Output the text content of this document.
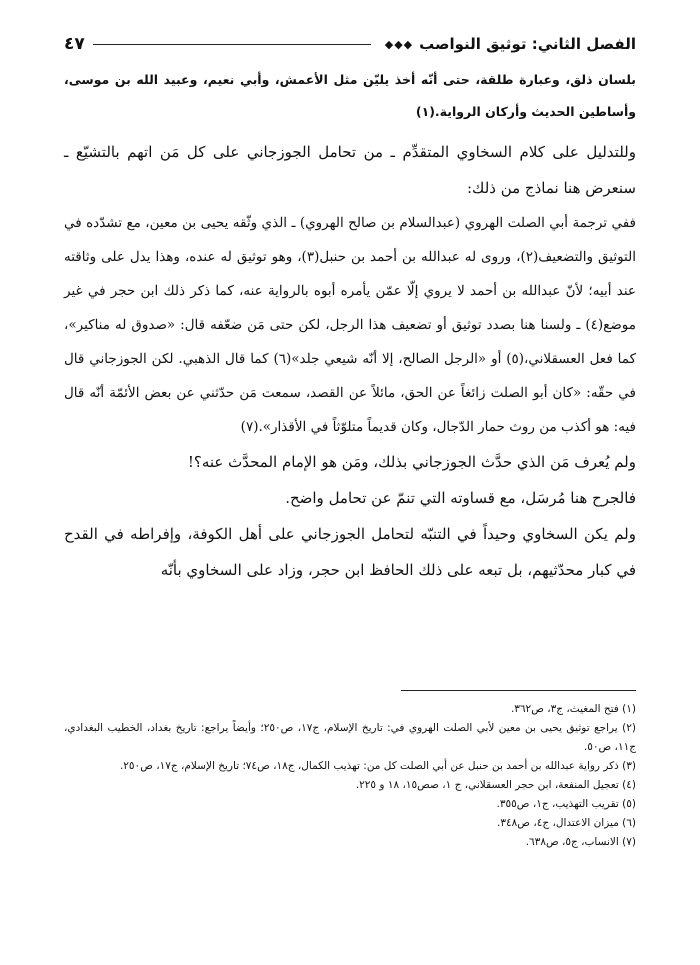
الفصل الثاني: توثيق النواصب
◆◆◆
٤٧

بلسان ذلق، وعبارة طلقة، حتى أنّه أخذ يليّن مثل الأعمش، وأبي نعيم، وعبيد الله بن موسى، وأساطين الحديث وأركان الرواية.(١)

وللتدليل على كلام السخاوي المتقدِّم ـ من تحامل الجوزجاني على كل مَن اتهم بالتشيّع ـ سنعرض هنا نماذج من ذلك:

ففي ترجمة أبي الصلت الهروي (عبدالسلام بن صالح الهروي) ـ الذي وثّقه يحيى بن معين، مع تشدّده في التوثيق والتضعيف(٢)، وروى له عبدالله بن أحمد بن حنبل(٣)، وهو توثيق له عنده، وهذا يدل على وثاقته عند أبيه؛ لأنّ عبدالله بن أحمد لا يروي إلّا عمّن يأمره أبوه بالرواية عنه، كما ذكر ذلك ابن حجر في غير موضع(٤) ـ ولسنا هنا بصدد توثيق أو تضعيف هذا الرجل، لكن حتى مَن ضعّفه قال: «صدوق له مناكير»، كما فعل العسقلاني،(٥) أو «الرجل الصالح، إلا أنّه شيعي جلد»(٦) كما قال الذهبي. لكن الجوزجاني قال في حقّه: «كان أبو الصلت زائغاً عن الحق، مائلاً عن القصد، سمعت مَن حدّثني عن بعض الأئمّة أنّه قال فيه: هو أكذب من روث حمار الدّجال، وكان قديماً متلوّثاً في الأقذار».(٧)

ولم يُعرف مَن الذي حدَّث الجوزجاني بذلك، ومَن هو الإمام المحدَّث عنه؟!

فالجرح هنا مُرسَل، مع قساوته التي تنمّ عن تحامل واضح.

ولم يكن السخاوي وحيداً في التنبّه لتحامل الجوزجاني على أهل الكوفة، وإفراطه في القدح في كبار محدّثيهم، بل تبعه على ذلك الحافظ ابن حجر، وزاد على السخاوي بأنّه

(١) فتح المغيث، ج٣، ص٣٦٢.
(٢) يراجع توثيق يحيى بن معين لأبي الصلت الهروي في: تاريخ الإسلام، ج١٧، ص٢٥٠؛ وأيضاً يراجع: تاريخ بغداد، الخطيب البغدادي، ج١١، ص٥٠.
(٣) ذكر رواية عبدالله بن أحمد بن حنبل عن أبي الصلت كل من: تهذيب الكمال، ج١٨، ص٧٤؛ تاريخ الإسلام، ج١٧، ص٢٥٠.
(٤) تعجيل المنفعة، ابن حجر العسقلاني، ج ١، صص١٥، ١٨ و ٢٢٥.
(٥) تقريب التهذيب، ج١، ص٣٥٥.
(٦) ميزان الاعتدال، ج٤، ص٣٤٨.
(٧) الانساب، ج٥، ص٦٣٨.
